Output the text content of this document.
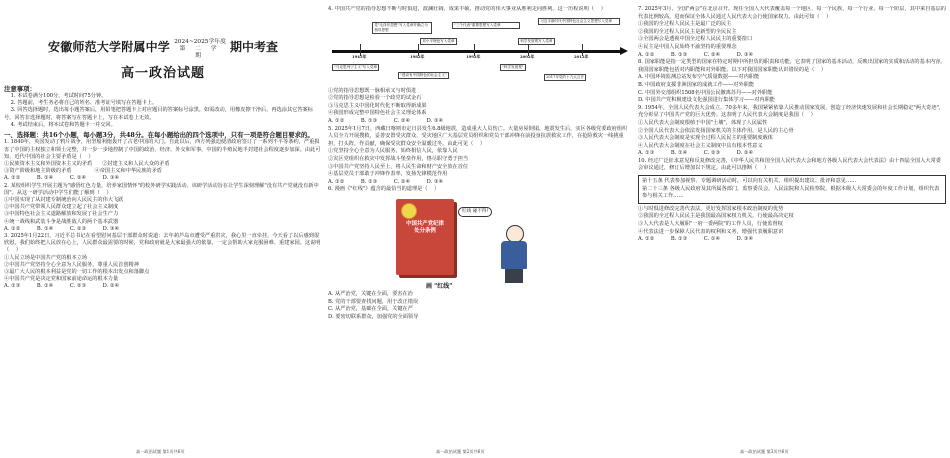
安徽师范大学附属中学 2024~2025学年度
第 二 学 期
期中考查
高一政治试题
注意事项：
1. 本试卷满分100分，考试时间75分钟。
2. 答题前，考生务必将自己的姓名、准考证号填写在答题卡上。
3. 回答选择题时，选出每小题答案后，用铅笔把答题卡上对应题目的答案标号涂黑。如需改动，用橡皮擦干净后，再选涂其它答案标号。回答非选择题时，将答案写在答题卡上，写在本试卷上无效。
4. 考试结束后，将本试卷和答题卡一并交回。
一、选择题：共16个小题，每小题3分，共48分。在每小题给出的四个选项中，只有一项是符合题目要求的。
1. 1840年，英国发动了鸦片战争，用坚船利炮轰开了古老中国的大门。自此以后，西方列强迫使清政府签订了一系列不平等条约，严重损害了中国的主权独立和领土完整，并一步一步地控制了中国的政治、经济、外交和军事，中国的半殖民地半封建社会程度逐步加深。由此可知，近代中国的社会主要矛盾是（    ）
①民族资本主义和外国资本主义的矛盾      ②封建主义和人民大众的矛盾
③资产阶级和地主阶级的矛盾              ④帝国主义和中华民族的矛盾
A. ①②          B. ①④          C. ②④          D. ③④
2. 某校组织学生开展主题为"感悟红色力量，培养家国情怀"的校外研学实践活动。该研学活动旨在让学生深刻理解"没有共产党就没有新中国"。从这一研学活动中学生们能了解到（    ）
①中国实现了从封建专制统治向人民民主的伟大飞跃
②中国共产党带领人民群众建立起了社会主义制度
③中国特色社会主义道路解放和发展了社会生产力
④统一战线和武装斗争是战胜敌人的两个基本武器
A. ①②          B. ①④          C. ②③          D. ③④
3. 2025年1月22日，习近平总书记在看望慰问基层干部群众时说道：去年葫芦岛市遭受严重洪灾，我心里一直牵挂。今天看了以后感到很欣慰，我们始终把人民放在心上，人民群众最需要的时候，党和政府就是大家最强大的依靠，一定会帮助大家克服困难、重建家园。这说明（    ）
①人民立场是中国共产党的根本立场
②中国共产党坚持全心全意为人民服务，尊重人民首创精神
③最广大人民的根本利益是党的一切工作的根本出发点和落脚点
④中国共产党是决定党和国家前途命运的根本力量
A. ①③          B. ①④          C. ②③          D. ②④
4. 中国共产党的指导思想不断与时俱进，波澜壮阔、成果丰硕，推动党的伟大事业从胜利走向胜利。这一历程说明（    ）
党"毛泽东思想"写入党章并确立为指导思想
"三个代表"重要思想写入党章
习近平新时代中国特色社会主义思想写入党章
邓小平理论写入党章	科学发展观写入党章
1945年	1982年	1992年	2002年	2012年
"马克思列宁主义"写入党章
"建设有中国特色的社会主义"
"科学发展观"
2017年党的十九大召开
①党的指导思想既一脉相承又与时俱进
②党的指导思想是检验一个政党的试金石
③马克思主义中国化时代化不断取得新成果
④我国形成完整中国特色社会主义理论体系
A. ①②          B. ①③          C. ②④          D. ③④
5. 2025年1月7日，西藏日喀则市定日县发生6.8级地震，造成重大人员伤亡。大量房屋倒塌，地震发生后，实区各级党委政府组织人员全力开展搜救，妥善安置受灾群众，受灾地区广大基层党员组织和党员干部冲锋在前投身抗震救灾工作，在抢险救灾一线挑重担，打头阵，作贡献，确保受灾群众安全温暖过冬。由此可见（    ）
①党坚持全心全意为人民服务，始终相信人民，依靠人民
②灾区党组织在救灾中发挥战斗堡垒作用，恪尽职守勇于担当
③中国共产党坚持人民至上，将人民生命和财产安全放在首位
④基层党员干部敢于冲锋作表率，发扬先锋模范作用
A. ①②          B. ①③          C. ②④          D. ③④
6. 漫画《"红线"》蕴含的最恰当的道理是（    ）
中国共产党纪律处分条例
红线 碰不得!
画 "红线"
A. 从严治党，关键在全面，要害在治
B. 党的干部要查找问题，用于改正错误
C. 从严治党，基础在全面，关键在严
D. 要密切联系群众，加强党的全面领导
7. 2025年3月，全国"两会"在北京召开。现任全国人大代表覆盖每一个地区、每一个民族、每一个行业、每一个阶层，其中来自基层的代表比例较高。进而保证全体人民通过人民代表大会行使国家权力。由此可知（    ）
①我国的全过程人民民主是最广泛的民主
②我国的全过程人民民主是新型的全民民主
③全国两会是透视中国全过程人民民主的重要窗口
④民主是中国人民始终不渝坚持的重要理念
A. ①②          B. ①③          C. ②④          D. ③④
8. 国家职能是指一定类型的国家在特定时期中所担负的职责和功能，它表明了国家的基本活动，反映出国家的实质和活动的基本内容。我国国家职能包括对内职能和对外职能。以下对我国国家职能认识错误的是（    ）
A. 中国环境监测总站发布空气质量数据——对内职能
B. 中国政府支援非洲国家的成就工作——对外职能
C. 中国外交部组织1508名中国公民撤离苏丹——对外职能
D. 中国共产党积极建设文化强国进行集体学习——对内职能
9. 1954年，全国人民代表大会成立。70多年来，我国紧紧依靠人民推动国家发展，创造了经济快速发展和社会长期稳定"两大奇迹"，充分彰显了中国共产党的巨大优势。这表明了人民代表大会制度是我国（    ）
①人民代表大会制度根植于中国"土壤"，体现了人民属性
②全国人民代表大会依法发扬国家机关的主体作用，是人民的主心骨
③人民代表大会制度是实现全过程人民民主的重要制度载体
④人民代表大会制度在社会主义制度中具有根本性意义
A. ①③          B. ①④          C. ②③          D. ②④
10. 经过广泛征求意见和反复修改完善，《中华人民共和国全国人民代表大会和地方各级人民代表大会代表法》由十四届全国人大常委会审议通过，修订后增加以下规定。由此可以推断（    ）
第十五条 代表参加视察、专题调研活动时，可以向有关机关、组织提出建议、批评和意见……
第二十三条 各级人民政府及其所属各部门，监察委员会，人民法院和人民检察院，根据本级人大常委会的年度工作计划，组织代表参与相关工作……
①与时俱进修改完善代表法，更好发挥国家根本政治制度的优势
②我国的全过程人民民主是我国最高国家权力机关，行使最高决定权
③人大代表是人大履职"一府一委两院"的工作人员，行使监督权
④代表法进一步保障人民代表的权利和义务，增强代表履职意识
A. ①②          B. ①③          C. ①④          D. ③④
高一政治试题 第1页共6页	高一政治试题 第2页共6页	高一政治试题 第3页共6页
